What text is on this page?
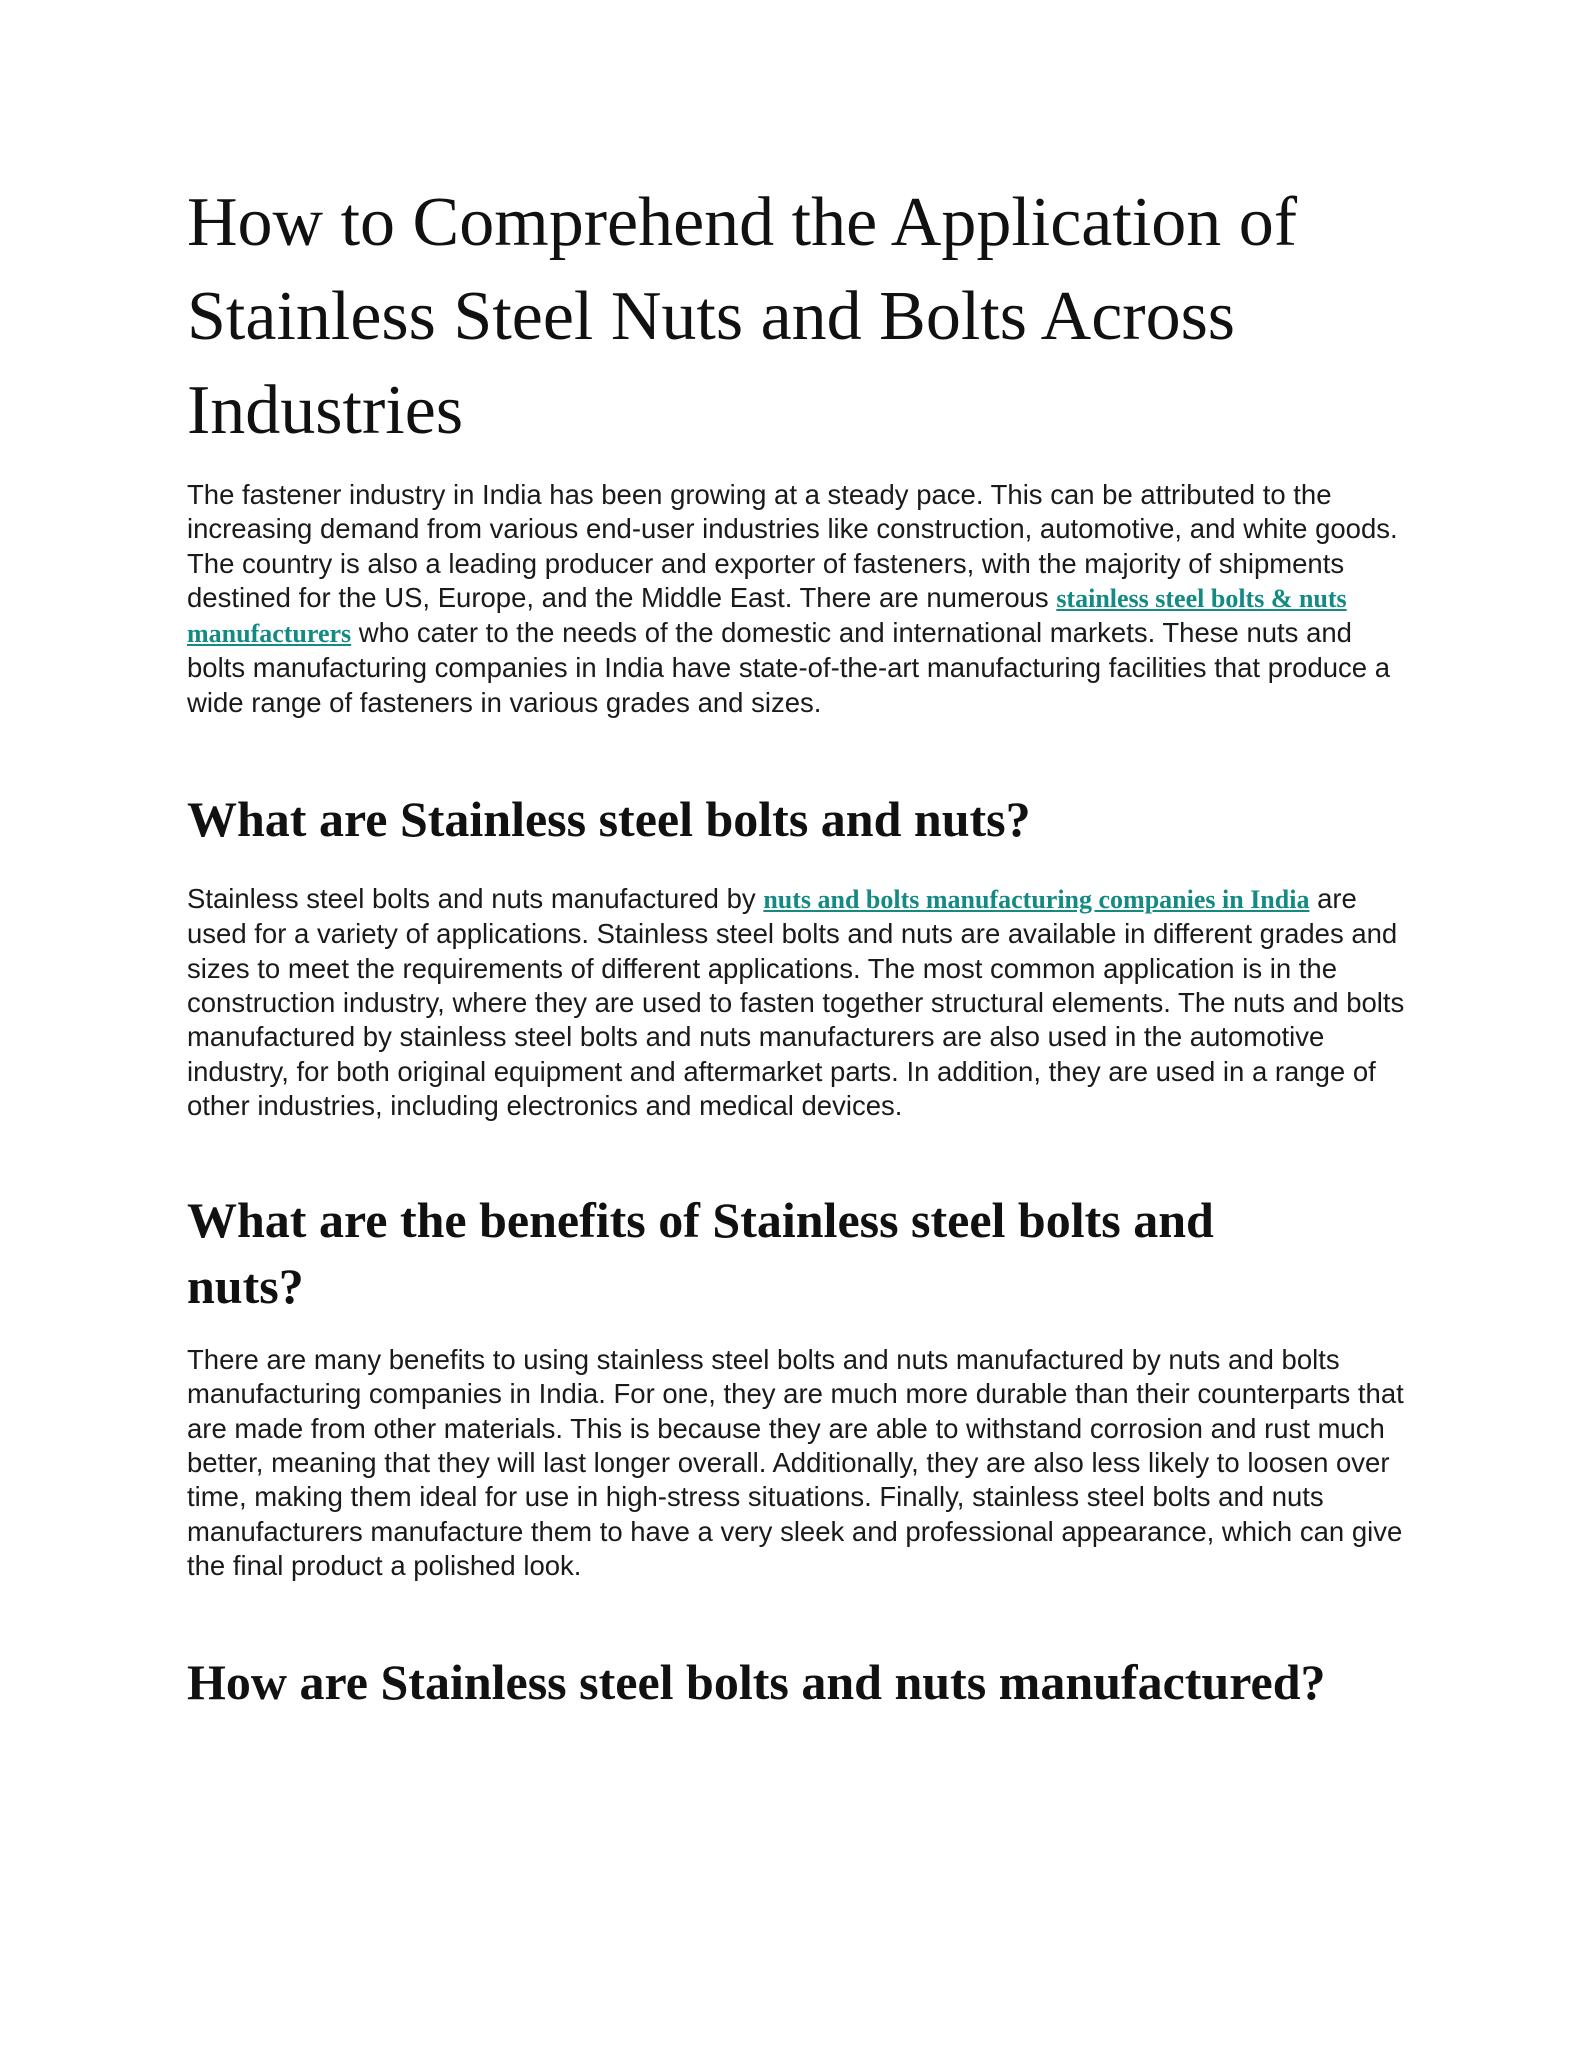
How to Comprehend the Application of Stainless Steel Nuts and Bolts Across Industries

The fastener industry in India has been growing at a steady pace. This can be attributed to the increasing demand from various end-user industries like construction, automotive, and white goods. The country is also a leading producer and exporter of fasteners, with the majority of shipments destined for the US, Europe, and the Middle East. There are numerous stainless steel bolts & nuts manufacturers who cater to the needs of the domestic and international markets. These nuts and bolts manufacturing companies in India have state-of-the-art manufacturing facilities that produce a wide range of fasteners in various grades and sizes.

What are Stainless steel bolts and nuts?

Stainless steel bolts and nuts manufactured by nuts and bolts manufacturing companies in India are used for a variety of applications. Stainless steel bolts and nuts are available in different grades and sizes to meet the requirements of different applications. The most common application is in the construction industry, where they are used to fasten together structural elements. The nuts and bolts manufactured by stainless steel bolts and nuts manufacturers are also used in the automotive industry, for both original equipment and aftermarket parts. In addition, they are used in a range of other industries, including electronics and medical devices.

What are the benefits of Stainless steel bolts and nuts?

There are many benefits to using stainless steel bolts and nuts manufactured by nuts and bolts manufacturing companies in India. For one, they are much more durable than their counterparts that are made from other materials. This is because they are able to withstand corrosion and rust much better, meaning that they will last longer overall. Additionally, they are also less likely to loosen over time, making them ideal for use in high-stress situations. Finally, stainless steel bolts and nuts manufacturers manufacture them to have a very sleek and professional appearance, which can give the final product a polished look.

How are Stainless steel bolts and nuts manufactured?
